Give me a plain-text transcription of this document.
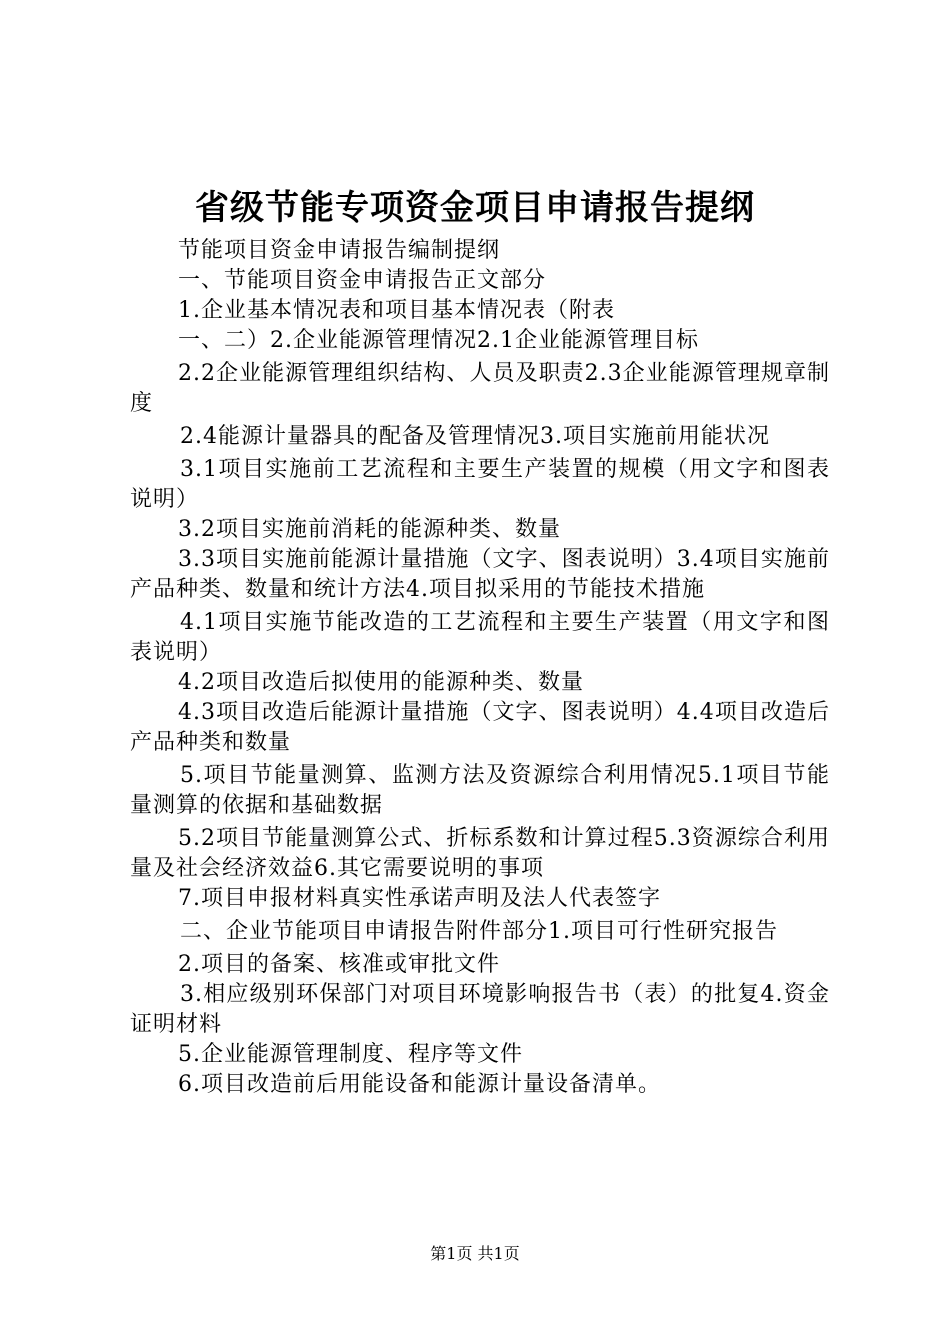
省级节能专项资金项目申请报告提纲

节能项目资金申请报告编制提纲

一、节能项目资金申请报告正文部分

1.企业基本情况表和项目基本情况表（附表

一、二）2.企业能源管理情况2.1企业能源管理目标

2.2企业能源管理组织结构、人员及职责2.3企业能源管理规章制度

2.4能源计量器具的配备及管理情况3.项目实施前用能状况

3.1项目实施前工艺流程和主要生产装置的规模（用文字和图表说明）

3.2项目实施前消耗的能源种类、数量

3.3项目实施前能源计量措施（文字、图表说明）3.4项目实施前产品种类、数量和统计方法4.项目拟采用的节能技术措施

4.1项目实施节能改造的工艺流程和主要生产装置（用文字和图表说明）

4.2项目改造后拟使用的能源种类、数量

4.3项目改造后能源计量措施（文字、图表说明）4.4项目改造后产品种类和数量

5.项目节能量测算、监测方法及资源综合利用情况5.1项目节能量测算的依据和基础数据

5.2项目节能量测算公式、折标系数和计算过程5.3资源综合利用量及社会经济效益6.其它需要说明的事项

7.项目申报材料真实性承诺声明及法人代表签字

二、企业节能项目申请报告附件部分1.项目可行性研究报告

2.项目的备案、核准或审批文件

3.相应级别环保部门对项目环境影响报告书（表）的批复4.资金证明材料

5.企业能源管理制度、程序等文件

6.项目改造前后用能设备和能源计量设备清单。

第1页 共1页
